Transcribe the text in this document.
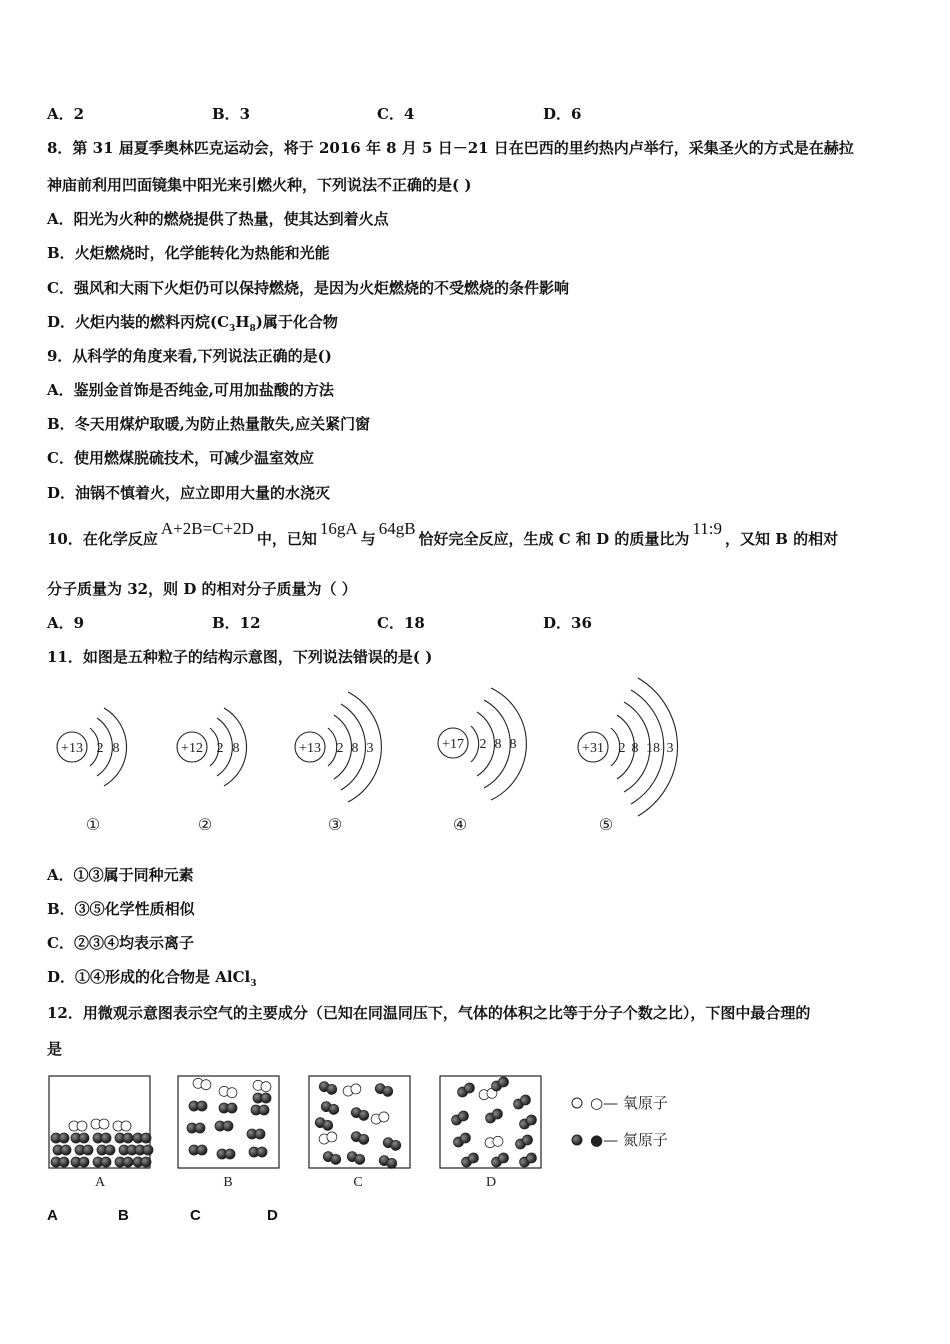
A．2	B．3	C．4	D．6
8．第 31 届夏季奥林匹克运动会，将于 2016 年 8 月 5 日－21 日在巴西的里约热内卢举行，采集圣火的方式是在赫拉
神庙前利用凹面镜集中阳光来引燃火种，下列说法不正确的是( )
A．阳光为火种的燃烧提供了热量，使其达到着火点
B．火炬燃烧时，化学能转化为热能和光能
C．强风和大雨下火炬仍可以保持燃烧，是因为火炬燃烧的不受燃烧的条件影响
D．火炬内装的燃料丙烷$(C_3H_8)$属于化合物
9．从科学的角度来看,下列说法正确的是()
A．鉴别金首饰是否纯金,可用加盐酸的方法
B．冬天用煤炉取暖,为防止热量散失,应关紧门窗
C．使用燃煤脱硫技术，可减少温室效应
D．油锅不慎着火，应立即用大量的水浇灭
10．在化学反应A+2B=C+2D中，已知16gA与64gB恰好完全反应，生成 C 和 D 的质量比为11:9，又知 B 的相对
分子质量为 32，则 D 的相对分子质量为（ ）
A．9	B．12	C．18	D．36
11．如图是五种粒子的结构示意图，下列说法错误的是( )
+13 2 8	+12 2 8	+13 2 8 3	+17 2 8 8	+31 2 8 18 3
①	②	③	④	⑤
A．①③属于同种元素
B．③⑤化学性质相似
C．②③④均表示离子
D．①④形成的化合物是 AlCl$_3$
12．用微观示意图表示空气的主要成分（已知在同温同压下，气体的体积之比等于分子个数之比），下图中最合理的
是
A	B	C	D
○— 氧原子
●— 氮原子
A	B	C	D
